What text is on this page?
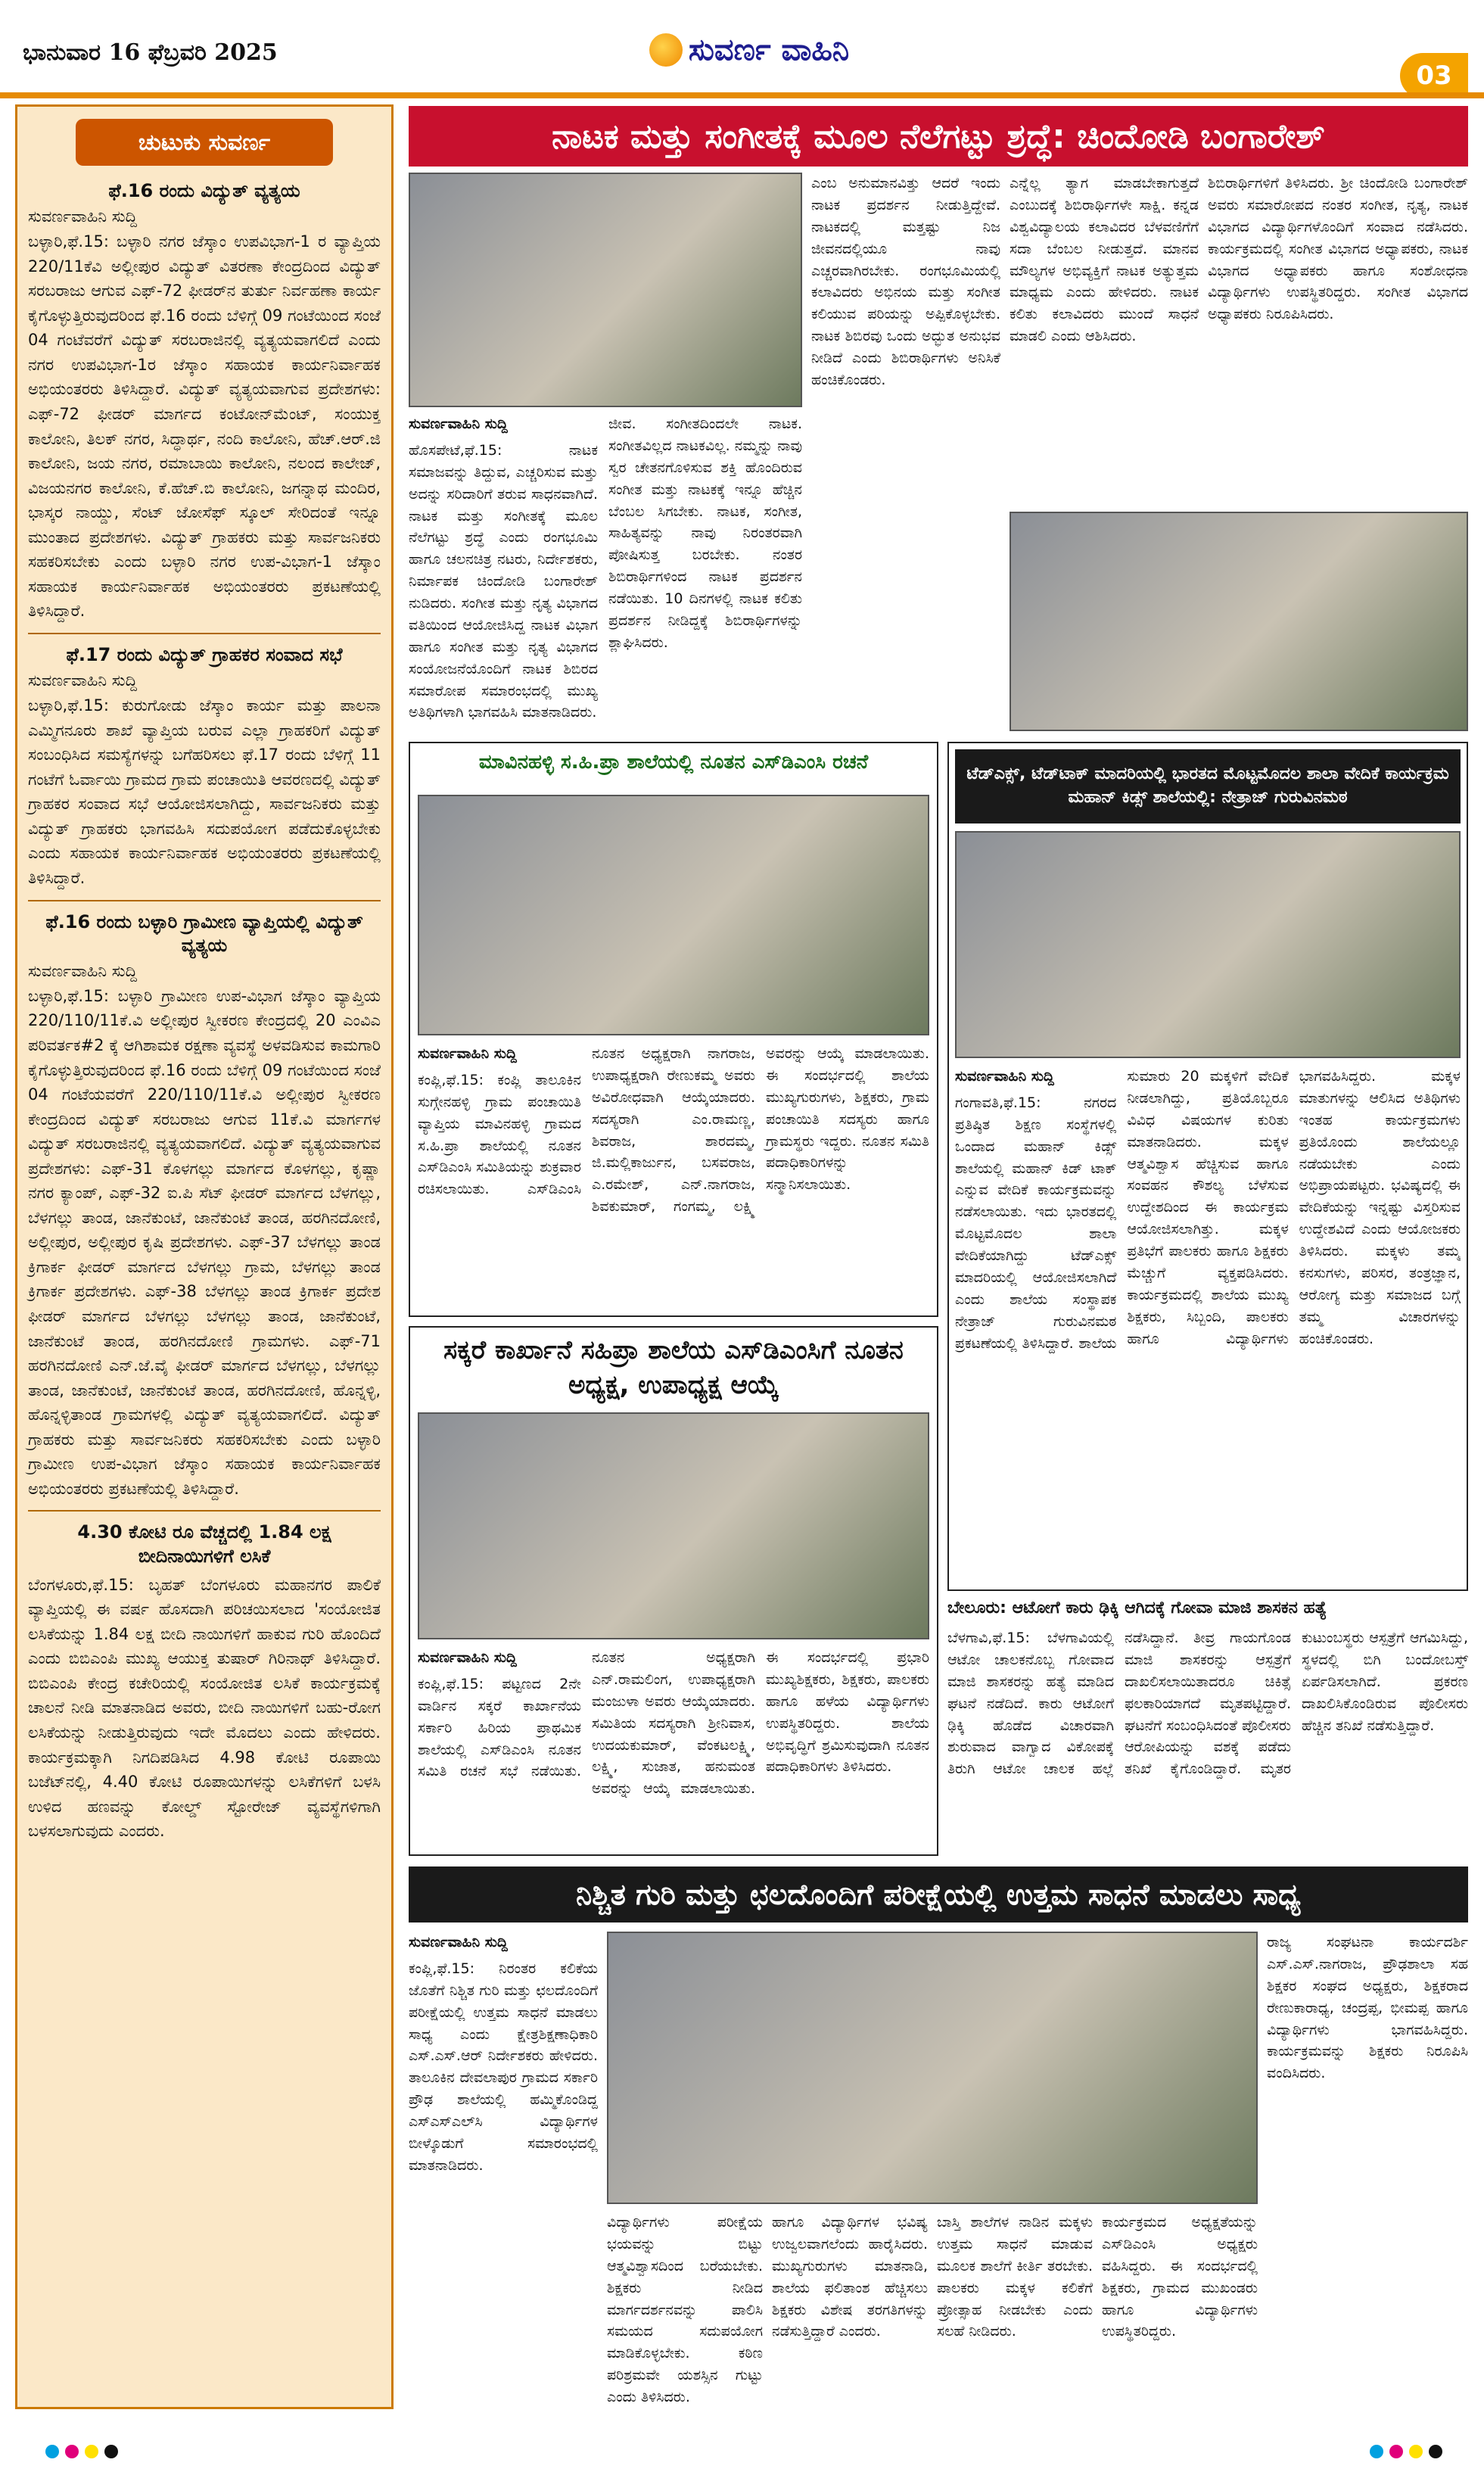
ಭಾನುವಾರ 16 ಫೆಬ್ರವರಿ 2025	ಸುವರ್ಣ ವಾಹಿನಿ
03
ಚುಟುಕು ಸುವರ್ಣ
ಫೆ.16 ರಂದು ವಿದ್ಯುತ್ ವ್ಯತ್ಯಯ
ಸುವರ್ಣವಾಹಿನಿ ಸುದ್ದಿ

ಬಳ್ಳಾರಿ,ಫೆ.15: ಬಳ್ಳಾರಿ ನಗರ ಜೆಸ್ಕಾಂ ಉಪವಿಭಾಗ-1 ರ ವ್ಯಾಪ್ತಿಯ 220/11ಕೆವಿ ಅಲ್ಲೀಪುರ ವಿದ್ಯುತ್ ವಿತರಣಾ ಕೇಂದ್ರದಿಂದ ವಿದ್ಯುತ್ ಸರಬರಾಜು ಆಗುವ ಎಫ್-72 ಫೀಡರ್‌ನ ತುರ್ತು ನಿರ್ವಹಣಾ ಕಾರ್ಯ ಕೈಗೊಳ್ಳುತ್ತಿರುವುದರಿಂದ ಫೆ.16 ರಂದು ಬೆಳಿಗ್ಗೆ 09 ಗಂಟೆಯಿಂದ ಸಂಜೆ 04 ಗಂಟೆವರೆಗೆ ವಿದ್ಯುತ್ ಸರಬರಾಜಿನಲ್ಲಿ ವ್ಯತ್ಯಯವಾಗಲಿದೆ ಎಂದು ನಗರ ಉಪವಿಭಾಗ-1ರ ಜೆಸ್ಕಾಂ ಸಹಾಯಕ ಕಾರ್ಯನಿರ್ವಾಹಕ ಅಭಿಯಂತರರು ತಿಳಿಸಿದ್ದಾರೆ. ವಿದ್ಯುತ್ ವ್ಯತ್ಯಯವಾಗುವ ಪ್ರದೇಶಗಳು: ಎಫ್-72 ಫೀಡರ್ ಮಾರ್ಗದ ಕಂಟೋನ್‌ಮೆಂಟ್, ಸಂಯುಕ್ತ ಕಾಲೋನಿ, ತಿಲಕ್ ನಗರ, ಸಿದ್ಧಾರ್ಥ, ನಂದಿ ಕಾಲೋನಿ, ಹೆಚ್.ಆರ್.ಜಿ ಕಾಲೋನಿ, ಜಯ ನಗರ, ರಮಾಬಾಯಿ ಕಾಲೋನಿ, ನಲಂದ ಕಾಲೇಜ್, ವಿಜಯನಗರ ಕಾಲೋನಿ, ಕೆ.ಹೆಚ್.ಬಿ ಕಾಲೋನಿ, ಜಗನ್ನಾಥ ಮಂದಿರ, ಭಾಸ್ಕರ ನಾಯ್ಡು, ಸೆಂಟ್ ಜೋಸೆಫ್ ಸ್ಕೂಲ್ ಸೇರಿದಂತೆ ಇನ್ನೂ ಮುಂತಾದ ಪ್ರದೇಶಗಳು. ವಿದ್ಯುತ್ ಗ್ರಾಹಕರು ಮತ್ತು ಸಾರ್ವಜನಿಕರು ಸಹಕರಿಸಬೇಕು ಎಂದು ಬಳ್ಳಾರಿ ನಗರ ಉಪ-ವಿಭಾಗ-1 ಜೆಸ್ಕಾಂ ಸಹಾಯಕ ಕಾರ್ಯನಿರ್ವಾಹಕ ಅಭಿಯಂತರರು ಪ್ರಕಟಣೆಯಲ್ಲಿ ತಿಳಿಸಿದ್ದಾರೆ.

ಫೆ.17 ರಂದು ವಿದ್ಯುತ್ ಗ್ರಾಹಕರ ಸಂವಾದ ಸಭೆ
ಸುವರ್ಣವಾಹಿನಿ ಸುದ್ದಿ

ಬಳ್ಳಾರಿ,ಫೆ.15: ಕುರುಗೋಡು ಜೆಸ್ಕಾಂ ಕಾರ್ಯ ಮತ್ತು ಪಾಲನಾ ಎಮ್ಮಿಗನೂರು ಶಾಖೆ ವ್ಯಾಪ್ತಿಯ ಬರುವ ಎಲ್ಲಾ ಗ್ರಾಹಕರಿಗೆ ವಿದ್ಯುತ್ ಸಂಬಂಧಿಸಿದ ಸಮಸ್ಯೆಗಳನ್ನು ಬಗೆಹರಿಸಲು ಫೆ.17 ರಂದು ಬೆಳಿಗ್ಗೆ 11 ಗಂಟೆಗೆ ಓರ್ವಾಯಿ ಗ್ರಾಮದ ಗ್ರಾಮ ಪಂಚಾಯಿತಿ ಆವರಣದಲ್ಲಿ ವಿದ್ಯುತ್ ಗ್ರಾಹಕರ ಸಂವಾದ ಸಭೆ ಆಯೋಜಿಸಲಾಗಿದ್ದು, ಸಾರ್ವಜನಿಕರು ಮತ್ತು ವಿದ್ಯುತ್ ಗ್ರಾಹಕರು ಭಾಗವಹಿಸಿ ಸದುಪಯೋಗ ಪಡೆದುಕೊಳ್ಳಬೇಕು ಎಂದು ಸಹಾಯಕ ಕಾರ್ಯನಿರ್ವಾಹಕ ಅಭಿಯಂತರರು ಪ್ರಕಟಣೆಯಲ್ಲಿ ತಿಳಿಸಿದ್ದಾರೆ.

ಫೆ.16 ರಂದು ಬಳ್ಳಾರಿ ಗ್ರಾಮೀಣ ವ್ಯಾಪ್ತಿಯಲ್ಲಿ ವಿದ್ಯುತ್ ವ್ಯತ್ಯಯ
ಸುವರ್ಣವಾಹಿನಿ ಸುದ್ದಿ

ಬಳ್ಳಾರಿ,ಫೆ.15: ಬಳ್ಳಾರಿ ಗ್ರಾಮೀಣ ಉಪ-ವಿಭಾಗ ಜೆಸ್ಕಾಂ ವ್ಯಾಪ್ತಿಯ 220/110/11ಕೆ.ವಿ ಅಲ್ಲೀಪುರ ಸ್ವೀಕರಣ ಕೇಂದ್ರದಲ್ಲಿ 20 ಎಂವಿಎ ಪರಿವರ್ತಕ#2 ಕ್ಕೆ ಆಗಿಶಾಮಕ ರಕ್ಷಣಾ ವ್ಯವಸ್ಥೆ ಅಳವಡಿಸುವ ಕಾಮಗಾರಿ ಕೈಗೊಳ್ಳುತ್ತಿರುವುದರಿಂದ ಫೆ.16 ರಂದು ಬೆಳಿಗ್ಗೆ 09 ಗಂಟೆಯಿಂದ ಸಂಜೆ 04 ಗಂಟೆಯವರೆಗೆ 220/110/11ಕೆ.ವಿ ಅಲ್ಲೀಪುರ ಸ್ವೀಕರಣ ಕೇಂದ್ರದಿಂದ ವಿದ್ಯುತ್ ಸರಬರಾಜು ಆಗುವ 11ಕೆ.ವಿ ಮಾರ್ಗಗಳ ವಿದ್ಯುತ್ ಸರಬರಾಜಿನಲ್ಲಿ ವ್ಯತ್ಯಯವಾಗಲಿದೆ. ವಿದ್ಯುತ್ ವ್ಯತ್ಯಯವಾಗುವ ಪ್ರದೇಶಗಳು: ಎಫ್-31 ಕೊಳಗಲ್ಲು ಮಾರ್ಗದ ಕೊಳಗಲ್ಲು, ಕೃಷ್ಣಾ ನಗರ ಕ್ಯಾಂಪ್, ಎಫ್-32 ಐ.ಪಿ ಸೆಟ್ ಫೀಡರ್ ಮಾರ್ಗದ ಬೆಳಗಲ್ಲು, ಬೆಳಗಲ್ಲು ತಾಂಡ, ಜಾನೆಕುಂಟೆ, ಜಾನೆಕುಂಟೆ ತಾಂಡ, ಹರಗಿನದೋಣಿ, ಅಲ್ಲೀಪುರ, ಅಲ್ಲೀಪುರ ಕೃಷಿ ಪ್ರದೇಶಗಳು. ಎಫ್-37 ಬೆಳಗಲ್ಲು ತಾಂಡ ಕ್ರಿಗಾರ್ಕ ಫೀಡರ್ ಮಾರ್ಗದ ಬೆಳಗಲ್ಲು ಗ್ರಾಮ, ಬೆಳಗಲ್ಲು ತಾಂಡ ಕ್ರಿಗಾರ್ಕ ಪ್ರದೇಶಗಳು. ಎಫ್-38 ಬೆಳಗಲ್ಲು ತಾಂಡ ಕ್ರಿಗಾರ್ಕ ಪ್ರದೇಶ ಫೀಡರ್ ಮಾರ್ಗದ ಬೆಳಗಲ್ಲು ಬೆಳಗಲ್ಲು ತಾಂಡ, ಜಾನೆಕುಂಟೆ, ಜಾನೆಕುಂಟೆ ತಾಂಡ, ಹರಗಿನದೋಣಿ ಗ್ರಾಮಗಳು. ಎಫ್-71 ಹರಗಿನದೋಣಿ ಎನ್.ಜೆ.ವೈ ಫೀಡರ್ ಮಾರ್ಗದ ಬೆಳಗಲ್ಲು, ಬೆಳಗಲ್ಲು ತಾಂಡ, ಜಾನೆಕುಂಟೆ, ಜಾನೆಕುಂಟೆ ತಾಂಡ, ಹರಗಿನದೋಣಿ, ಹೊನ್ನಳ್ಳಿ, ಹೊನ್ನಳ್ಳಿತಾಂಡ ಗ್ರಾಮಗಳಲ್ಲಿ ವಿದ್ಯುತ್ ವ್ಯತ್ಯಯವಾಗಲಿದೆ. ವಿದ್ಯುತ್ ಗ್ರಾಹಕರು ಮತ್ತು ಸಾರ್ವಜನಿಕರು ಸಹಕರಿಸಬೇಕು ಎಂದು ಬಳ್ಳಾರಿ ಗ್ರಾಮೀಣ ಉಪ-ವಿಭಾಗ ಜೆಸ್ಕಾಂ ಸಹಾಯಕ ಕಾರ್ಯನಿರ್ವಾಹಕ ಅಭಿಯಂತರರು ಪ್ರಕಟಣೆಯಲ್ಲಿ ತಿಳಿಸಿದ್ದಾರೆ.

4.30 ಕೋಟಿ ರೂ ವೆಚ್ಚದಲ್ಲಿ 1.84 ಲಕ್ಷ ಬೀದಿನಾಯಿಗಳಿಗೆ ಲಸಿಕೆ

ಬೆಂಗಳೂರು,ಫೆ.15: ಬೃಹತ್ ಬೆಂಗಳೂರು ಮಹಾನಗರ ಪಾಲಿಕೆ ವ್ಯಾಪ್ತಿಯಲ್ಲಿ ಈ ವರ್ಷ ಹೊಸದಾಗಿ ಪರಿಚಯಿಸಲಾದ 'ಸಂಯೋಜಿತ ಲಸಿಕೆಯನ್ನು 1.84 ಲಕ್ಷ ಬೀದಿ ನಾಯಿಗಳಿಗೆ ಹಾಕುವ ಗುರಿ ಹೊಂದಿದೆ ಎಂದು ಬಿಬಿಎಂಪಿ ಮುಖ್ಯ ಆಯುಕ್ತ ತುಷಾರ್ ಗಿರಿನಾಥ್ ತಿಳಿಸಿದ್ದಾರೆ. ಬಿಬಿಎಂಪಿ ಕೇಂದ್ರ ಕಚೇರಿಯಲ್ಲಿ ಸಂಯೋಜಿತ ಲಸಿಕೆ ಕಾರ್ಯಕ್ರಮಕ್ಕೆ ಚಾಲನೆ ನೀಡಿ ಮಾತನಾಡಿದ ಅವರು, ಬೀದಿ ನಾಯಿಗಳಿಗೆ ಬಹು-ರೋಗ ಲಸಿಕೆಯನ್ನು ನೀಡುತ್ತಿರುವುದು ಇದೇ ಮೊದಲು ಎಂದು ಹೇಳಿದರು. ಕಾರ್ಯಕ್ರಮಕ್ಕಾಗಿ ನಿಗದಿಪಡಿಸಿದ 4.98 ಕೋಟಿ ರೂಪಾಯಿ ಬಜೆಟ್‌ನಲ್ಲಿ, 4.40 ಕೋಟಿ ರೂಪಾಯಿಗಳನ್ನು ಲಸಿಕೆಗಳಿಗೆ ಬಳಸಿ ಉಳಿದ ಹಣವನ್ನು ಕೋಲ್ಡ್ ಸ್ಟೋರೇಜ್ ವ್ಯವಸ್ಥೆಗಳಿಗಾಗಿ ಬಳಸಲಾಗುವುದು ಎಂದರು.

ನಾಟಕ ಮತ್ತು ಸಂಗೀತಕ್ಕೆ ಮೂಲ ನೆಲೆಗಟ್ಟು ಶ್ರದ್ಧೆ: ಚಿಂದೋಡಿ ಬಂಗಾರೇಶ್

ಸುವರ್ಣವಾಹಿನಿ ಸುದ್ದಿ

ಹೊಸಪೇಟೆ,ಫೆ.15: ನಾಟಕ ಸಮಾಜವನ್ನು ತಿದ್ದುವ, ಎಚ್ಚರಿಸುವ ಮತ್ತು ಅದನ್ನು ಸರಿದಾರಿಗೆ ತರುವ ಸಾಧನವಾಗಿದೆ. ನಾಟಕ ಮತ್ತು ಸಂಗೀತಕ್ಕೆ ಮೂಲ ನೆಲೆಗಟ್ಟು ಶ್ರದ್ಧೆ ಎಂದು ರಂಗಭೂಮಿ ಹಾಗೂ ಚಲನಚಿತ್ರ ನಟರು, ನಿರ್ದೇಶಕರು, ನಿರ್ಮಾಪಕ ಚಿಂದೋಡಿ ಬಂಗಾರೇಶ್ ನುಡಿದರು. ಸಂಗೀತ ಮತ್ತು ನೃತ್ಯ ವಿಭಾಗದ ವತಿಯಿಂದ ಆಯೋಜಿಸಿದ್ದ ನಾಟಕ ವಿಭಾಗ ಹಾಗೂ ಸಂಗೀತ ಮತ್ತು ನೃತ್ಯ ವಿಭಾಗದ ಸಂಯೋಜನೆಯೊಂದಿಗೆ ನಾಟಕ ಶಿಬಿರದ ಸಮಾರೋಪ ಸಮಾರಂಭದಲ್ಲಿ ಮುಖ್ಯ ಅತಿಥಿಗಳಾಗಿ ಭಾಗವಹಿಸಿ ಮಾತನಾಡಿದರು.

ಜೀವ. ಸಂಗೀತದಿಂದಲೇ ನಾಟಕ. ಸಂಗೀತವಿಲ್ಲದ ನಾಟಕವಿಲ್ಲ. ನಮ್ಮನ್ನು ನಾವು ಸ್ವರ ಚೇತನಗೊಳಿಸುವ ಶಕ್ತಿ ಹೊಂದಿರುವ ಸಂಗೀತ ಮತ್ತು ನಾಟಕಕ್ಕೆ ಇನ್ನೂ ಹೆಚ್ಚಿನ ಬೆಂಬಲ ಸಿಗಬೇಕು. ನಾಟಕ, ಸಂಗೀತ, ಸಾಹಿತ್ಯವನ್ನು ನಾವು ನಿರಂತರವಾಗಿ ಪೋಷಿಸುತ್ತ ಬರಬೇಕು. ನಂತರ ಶಿಬಿರಾರ್ಥಿಗಳಿಂದ ನಾಟಕ ಪ್ರದರ್ಶನ ನಡೆಯಿತು. 10 ದಿನಗಳಲ್ಲಿ ನಾಟಕ ಕಲಿತು ಪ್ರದರ್ಶನ ನೀಡಿದ್ದಕ್ಕೆ ಶಿಬಿರಾರ್ಥಿಗಳನ್ನು ಶ್ಲಾಘಿಸಿದರು.

ಎಂಬ ಅನುಮಾನವಿತ್ತು ಆದರೆ ಇಂದು ನಾಟಕ ಪ್ರದರ್ಶನ ನೀಡುತ್ತಿದ್ದೇವೆ. ನಾಟಕದಲ್ಲಿ ಮತ್ತಷ್ಟು ನಿಜ ಜೀವನದಲ್ಲಿಯೂ ನಾವು ಎಚ್ಚರವಾಗಿರಬೇಕು. ರಂಗಭೂಮಿಯಲ್ಲಿ ಕಲಾವಿದರು ಅಭಿನಯ ಮತ್ತು ಸಂಗೀತ ಕಲಿಯುವ ಪರಿಯನ್ನು ಅಪ್ಪಿಕೊಳ್ಳಬೇಕು. ನಾಟಕ ಶಿಬಿರವು ಒಂದು ಅದ್ಭುತ ಅನುಭವ ನೀಡಿದೆ ಎಂದು ಶಿಬಿರಾರ್ಥಿಗಳು ಅನಿಸಿಕೆ ಹಂಚಿಕೊಂಡರು.

ಎನ್ನೆಲ್ಲ ತ್ಯಾಗ ಮಾಡಬೇಕಾಗುತ್ತದೆ ಎಂಬುದಕ್ಕೆ ಶಿಬಿರಾರ್ಥಿಗಳೇ ಸಾಕ್ಷಿ. ಕನ್ನಡ ವಿಶ್ವವಿದ್ಯಾಲಯ ಕಲಾವಿದರ ಬೆಳವಣಿಗೆಗೆ ಸದಾ ಬೆಂಬಲ ನೀಡುತ್ತದೆ. ಮಾನವ ಮೌಲ್ಯಗಳ ಅಭಿವ್ಯಕ್ತಿಗೆ ನಾಟಕ ಅತ್ಯುತ್ತಮ ಮಾಧ್ಯಮ ಎಂದು ಹೇಳಿದರು. ನಾಟಕ ಕಲಿತು ಕಲಾವಿದರು ಮುಂದೆ ಸಾಧನೆ ಮಾಡಲಿ ಎಂದು ಆಶಿಸಿದರು.

ಶಿಬಿರಾರ್ಥಿಗಳಿಗೆ ತಿಳಿಸಿದರು. ಶ್ರೀ ಚಿಂದೋಡಿ ಬಂಗಾರೇಶ್ ಅವರು ಸಮಾರೋಪದ ನಂತರ ಸಂಗೀತ, ನೃತ್ಯ, ನಾಟಕ ವಿಭಾಗದ ವಿದ್ಯಾರ್ಥಿಗಳೊಂದಿಗೆ ಸಂವಾದ ನಡೆಸಿದರು. ಕಾರ್ಯಕ್ರಮದಲ್ಲಿ ಸಂಗೀತ ವಿಭಾಗದ ಅಧ್ಯಾಪಕರು, ನಾಟಕ ವಿಭಾಗದ ಅಧ್ಯಾಪಕರು ಹಾಗೂ ಸಂಶೋಧನಾ ವಿದ್ಯಾರ್ಥಿಗಳು ಉಪಸ್ಥಿತರಿದ್ದರು. ಸಂಗೀತ ವಿಭಾಗದ ಅಧ್ಯಾಪಕರು ನಿರೂಪಿಸಿದರು.

ಮಾವಿನಹಳ್ಳಿ ಸ.ಹಿ.ಪ್ರಾ ಶಾಲೆಯಲ್ಲಿ ನೂತನ ಎಸ್‌ಡಿಎಂಸಿ ರಚನೆ

ಸುವರ್ಣವಾಹಿನಿ ಸುದ್ದಿ

ಕಂಪ್ಲಿ,ಫೆ.15: ಕಂಪ್ಲಿ ತಾಲೂಕಿನ ಸುಗ್ಗೇನಹಳ್ಳಿ ಗ್ರಾಮ ಪಂಚಾಯಿತಿ ವ್ಯಾಪ್ತಿಯ ಮಾವಿನಹಳ್ಳಿ ಗ್ರಾಮದ ಸ.ಹಿ.ಪ್ರಾ ಶಾಲೆಯಲ್ಲಿ ನೂತನ ಎಸ್‌ಡಿಎಂಸಿ ಸಮಿತಿಯನ್ನು ಶುಕ್ರವಾರ ರಚಿಸಲಾಯಿತು. ಎಸ್‌ಡಿಎಂಸಿ ನೂತನ ಅಧ್ಯಕ್ಷರಾಗಿ ನಾಗರಾಜ, ಉಪಾಧ್ಯಕ್ಷರಾಗಿ ರೇಣುಕಮ್ಮ ಅವರು ಅವಿರೋಧವಾಗಿ ಆಯ್ಕೆಯಾದರು. ಸದಸ್ಯರಾಗಿ ಎಂ.ರಾಮಣ್ಣ, ಶಿವರಾಜ, ಶಾರದಮ್ಮ, ಜಿ.ಮಲ್ಲಿಕಾರ್ಜುನ, ಬಸವರಾಜ, ಎ.ರಮೇಶ್, ಎನ್.ನಾಗರಾಜ, ಶಿವಕುಮಾರ್, ಗಂಗಮ್ಮ, ಲಕ್ಷ್ಮಿ ಅವರನ್ನು ಆಯ್ಕೆ ಮಾಡಲಾಯಿತು. ಈ ಸಂದರ್ಭದಲ್ಲಿ ಶಾಲೆಯ ಮುಖ್ಯಗುರುಗಳು, ಶಿಕ್ಷಕರು, ಗ್ರಾಮ ಪಂಚಾಯಿತಿ ಸದಸ್ಯರು ಹಾಗೂ ಗ್ರಾಮಸ್ಥರು ಇದ್ದರು. ನೂತನ ಸಮಿತಿ ಪದಾಧಿಕಾರಿಗಳನ್ನು ಸನ್ಮಾನಿಸಲಾಯಿತು.

ಟೆಡ್‌ಎಕ್ಸ್, ಟೆಡ್‌ಟಾಕ್ ಮಾದರಿಯಲ್ಲಿ ಭಾರತದ ಮೊಟ್ಟಮೊದಲ ಶಾಲಾ ವೇದಿಕೆ ಕಾರ್ಯಕ್ರಮ ಮಹಾನ್ ಕಿಡ್ಸ್ ಶಾಲೆಯಲ್ಲಿ: ನೇತ್ರಾಜ್ ಗುರುವಿನಮಠ

ಸುವರ್ಣವಾಹಿನಿ ಸುದ್ದಿ

ಗಂಗಾವತಿ,ಫೆ.15: ನಗರದ ಪ್ರತಿಷ್ಠಿತ ಶಿಕ್ಷಣ ಸಂಸ್ಥೆಗಳಲ್ಲಿ ಒಂದಾದ ಮಹಾನ್ ಕಿಡ್ಸ್ ಶಾಲೆಯಲ್ಲಿ ಮಹಾನ್ ಕಿಡ್ ಟಾಕ್ ಎನ್ನುವ ವೇದಿಕೆ ಕಾರ್ಯಕ್ರಮವನ್ನು ನಡೆಸಲಾಯಿತು. ಇದು ಭಾರತದಲ್ಲಿ ಮೊಟ್ಟಮೊದಲ ಶಾಲಾ ವೇದಿಕೆಯಾಗಿದ್ದು ಟೆಡ್‌ಎಕ್ಸ್ ಮಾದರಿಯಲ್ಲಿ ಆಯೋಜಿಸಲಾಗಿದೆ ಎಂದು ಶಾಲೆಯ ಸಂಸ್ಥಾಪಕ ನೇತ್ರಾಜ್ ಗುರುವಿನಮಠ ಪ್ರಕಟಣೆಯಲ್ಲಿ ತಿಳಿಸಿದ್ದಾರೆ. ಶಾಲೆಯ ಸುಮಾರು 20 ಮಕ್ಕಳಿಗೆ ವೇದಿಕೆ ನೀಡಲಾಗಿದ್ದು, ಪ್ರತಿಯೊಬ್ಬರೂ ವಿವಿಧ ವಿಷಯಗಳ ಕುರಿತು ಮಾತನಾಡಿದರು. ಮಕ್ಕಳ ಆತ್ಮವಿಶ್ವಾಸ ಹೆಚ್ಚಿಸುವ ಹಾಗೂ ಸಂವಹನ ಕೌಶಲ್ಯ ಬೆಳೆಸುವ ಉದ್ದೇಶದಿಂದ ಈ ಕಾರ್ಯಕ್ರಮ ಆಯೋಜಿಸಲಾಗಿತ್ತು. ಮಕ್ಕಳ ಪ್ರತಿಭೆಗೆ ಪಾಲಕರು ಹಾಗೂ ಶಿಕ್ಷಕರು ಮೆಚ್ಚುಗೆ ವ್ಯಕ್ತಪಡಿಸಿದರು. ಕಾರ್ಯಕ್ರಮದಲ್ಲಿ ಶಾಲೆಯ ಮುಖ್ಯ ಶಿಕ್ಷಕರು, ಸಿಬ್ಬಂದಿ, ಪಾಲಕರು ಹಾಗೂ ವಿದ್ಯಾರ್ಥಿಗಳು ಭಾಗವಹಿಸಿದ್ದರು. ಮಕ್ಕಳ ಮಾತುಗಳನ್ನು ಆಲಿಸಿದ ಅತಿಥಿಗಳು ಇಂತಹ ಕಾರ್ಯಕ್ರಮಗಳು ಪ್ರತಿಯೊಂದು ಶಾಲೆಯಲ್ಲೂ ನಡೆಯಬೇಕು ಎಂದು ಅಭಿಪ್ರಾಯಪಟ್ಟರು. ಭವಿಷ್ಯದಲ್ಲಿ ಈ ವೇದಿಕೆಯನ್ನು ಇನ್ನಷ್ಟು ವಿಸ್ತರಿಸುವ ಉದ್ದೇಶವಿದೆ ಎಂದು ಆಯೋಜಕರು ತಿಳಿಸಿದರು. ಮಕ್ಕಳು ತಮ್ಮ ಕನಸುಗಳು, ಪರಿಸರ, ತಂತ್ರಜ್ಞಾನ, ಆರೋಗ್ಯ ಮತ್ತು ಸಮಾಜದ ಬಗ್ಗೆ ತಮ್ಮ ವಿಚಾರಗಳನ್ನು ಹಂಚಿಕೊಂಡರು.

ಸಕ್ಕರೆ ಕಾರ್ಖಾನೆ ಸಹಿಪ್ರಾ ಶಾಲೆಯ ಎಸ್‌ಡಿಎಂಸಿಗೆ ನೂತನ ಅಧ್ಯಕ್ಷ, ಉಪಾಧ್ಯಕ್ಷ ಆಯ್ಕೆ

ಸುವರ್ಣವಾಹಿನಿ ಸುದ್ದಿ

ಕಂಪ್ಲಿ,ಫೆ.15: ಪಟ್ಟಣದ 2ನೇ ವಾರ್ಡಿನ ಸಕ್ಕರೆ ಕಾರ್ಖಾನೆಯ ಸರ್ಕಾರಿ ಹಿರಿಯ ಪ್ರಾಥಮಿಕ ಶಾಲೆಯಲ್ಲಿ ಎಸ್‌ಡಿಎಂಸಿ ನೂತನ ಸಮಿತಿ ರಚನೆ ಸಭೆ ನಡೆಯಿತು. ನೂತನ ಅಧ್ಯಕ್ಷರಾಗಿ ಎನ್.ರಾಮಲಿಂಗ, ಉಪಾಧ್ಯಕ್ಷರಾಗಿ ಮಂಜುಳಾ ಅವರು ಆಯ್ಕೆಯಾದರು. ಸಮಿತಿಯ ಸದಸ್ಯರಾಗಿ ಶ್ರೀನಿವಾಸ, ಉದಯಕುಮಾರ್, ವೆಂಕಟಲಕ್ಷ್ಮಿ, ಲಕ್ಷ್ಮಿ, ಸುಜಾತ, ಹನುಮಂತ ಅವರನ್ನು ಆಯ್ಕೆ ಮಾಡಲಾಯಿತು. ಈ ಸಂದರ್ಭದಲ್ಲಿ ಪ್ರಭಾರಿ ಮುಖ್ಯಶಿಕ್ಷಕರು, ಶಿಕ್ಷಕರು, ಪಾಲಕರು ಹಾಗೂ ಹಳೆಯ ವಿದ್ಯಾರ್ಥಿಗಳು ಉಪಸ್ಥಿತರಿದ್ದರು. ಶಾಲೆಯ ಅಭಿವೃದ್ಧಿಗೆ ಶ್ರಮಿಸುವುದಾಗಿ ನೂತನ ಪದಾಧಿಕಾರಿಗಳು ತಿಳಿಸಿದರು.

ಬೇಲೂರು: ಆಟೋಗೆ ಕಾರು ಢಿಕ್ಕಿ ಆಗಿದಕ್ಕೆ ಗೋವಾ ಮಾಜಿ ಶಾಸಕನ ಹತ್ಯೆ

ಬೆಳಗಾವಿ,ಫೆ.15: ಬೆಳಗಾವಿಯಲ್ಲಿ ಆಟೋ ಚಾಲಕನೊಬ್ಬ ಗೋವಾದ ಮಾಜಿ ಶಾಸಕರನ್ನು ಹತ್ಯೆ ಮಾಡಿದ ಘಟನೆ ನಡೆದಿದೆ. ಕಾರು ಆಟೋಗೆ ಢಿಕ್ಕಿ ಹೊಡೆದ ವಿಚಾರವಾಗಿ ಶುರುವಾದ ವಾಗ್ವಾದ ವಿಕೋಪಕ್ಕೆ ತಿರುಗಿ ಆಟೋ ಚಾಲಕ ಹಲ್ಲೆ ನಡೆಸಿದ್ದಾನೆ. ತೀವ್ರ ಗಾಯಗೊಂಡ ಮಾಜಿ ಶಾಸಕರನ್ನು ಆಸ್ಪತ್ರೆಗೆ ದಾಖಲಿಸಲಾಯಿತಾದರೂ ಚಿಕಿತ್ಸೆ ಫಲಕಾರಿಯಾಗದೆ ಮೃತಪಟ್ಟಿದ್ದಾರೆ. ಘಟನೆಗೆ ಸಂಬಂಧಿಸಿದಂತೆ ಪೊಲೀಸರು ಆರೋಪಿಯನ್ನು ವಶಕ್ಕೆ ಪಡೆದು ತನಿಖೆ ಕೈಗೊಂಡಿದ್ದಾರೆ. ಮೃತರ ಕುಟುಂಬಸ್ಥರು ಆಸ್ಪತ್ರೆಗೆ ಆಗಮಿಸಿದ್ದು, ಸ್ಥಳದಲ್ಲಿ ಬಿಗಿ ಬಂದೋಬಸ್ತ್ ಏರ್ಪಡಿಸಲಾಗಿದೆ. ಪ್ರಕರಣ ದಾಖಲಿಸಿಕೊಂಡಿರುವ ಪೊಲೀಸರು ಹೆಚ್ಚಿನ ತನಿಖೆ ನಡೆಸುತ್ತಿದ್ದಾರೆ.

ನಿಶ್ಚಿತ ಗುರಿ ಮತ್ತು ಛಲದೊಂದಿಗೆ ಪರೀಕ್ಷೆಯಲ್ಲಿ ಉತ್ತಮ ಸಾಧನೆ ಮಾಡಲು ಸಾಧ್ಯ

ಸುವರ್ಣವಾಹಿನಿ ಸುದ್ದಿ

ಕಂಪ್ಲಿ,ಫೆ.15: ನಿರಂತರ ಕಲಿಕೆಯ ಜೊತೆಗೆ ನಿಶ್ಚಿತ ಗುರಿ ಮತ್ತು ಛಲದೊಂದಿಗೆ ಪರೀಕ್ಷೆಯಲ್ಲಿ ಉತ್ತಮ ಸಾಧನೆ ಮಾಡಲು ಸಾಧ್ಯ ಎಂದು ಕ್ಷೇತ್ರಶಿಕ್ಷಣಾಧಿಕಾರಿ ಎಸ್.ಎಸ್.ಆರ್ ನಿರ್ದೇಶಕರು ಹೇಳಿದರು. ತಾಲೂಕಿನ ದೇವಲಾಪುರ ಗ್ರಾಮದ ಸರ್ಕಾರಿ ಪ್ರೌಢ ಶಾಲೆಯಲ್ಲಿ ಹಮ್ಮಿಕೊಂಡಿದ್ದ ಎಸ್‌ಎಸ್‌ಎಲ್‌ಸಿ ವಿದ್ಯಾರ್ಥಿಗಳ ಬೀಳ್ಕೊಡುಗೆ ಸಮಾರಂಭದಲ್ಲಿ ಮಾತನಾಡಿದರು.

ವಿದ್ಯಾರ್ಥಿಗಳು ಪರೀಕ್ಷೆಯ ಭಯವನ್ನು ಬಿಟ್ಟು ಆತ್ಮವಿಶ್ವಾಸದಿಂದ ಬರೆಯಬೇಕು. ಶಿಕ್ಷಕರು ನೀಡಿದ ಮಾರ್ಗದರ್ಶನವನ್ನು ಪಾಲಿಸಿ ಸಮಯದ ಸದುಪಯೋಗ ಮಾಡಿಕೊಳ್ಳಬೇಕು. ಕಠಿಣ ಪರಿಶ್ರಮವೇ ಯಶಸ್ಸಿನ ಗುಟ್ಟು ಎಂದು ತಿಳಿಸಿದರು.

ಹಾಗೂ ವಿದ್ಯಾರ್ಥಿಗಳ ಭವಿಷ್ಯ ಉಜ್ವಲವಾಗಲೆಂದು ಹಾರೈಸಿದರು. ಮುಖ್ಯಗುರುಗಳು ಮಾತನಾಡಿ, ಶಾಲೆಯ ಫಲಿತಾಂಶ ಹೆಚ್ಚಿಸಲು ಶಿಕ್ಷಕರು ವಿಶೇಷ ತರಗತಿಗಳನ್ನು ನಡೆಸುತ್ತಿದ್ದಾರೆ ಎಂದರು.

ಬಾಸ್ತಿ ಶಾಲೆಗಳ ನಾಡಿನ ಮಕ್ಕಳು ಉತ್ತಮ ಸಾಧನೆ ಮಾಡುವ ಮೂಲಕ ಶಾಲೆಗೆ ಕೀರ್ತಿ ತರಬೇಕು. ಪಾಲಕರು ಮಕ್ಕಳ ಕಲಿಕೆಗೆ ಪ್ರೋತ್ಸಾಹ ನೀಡಬೇಕು ಎಂದು ಸಲಹೆ ನೀಡಿದರು.

ಕಾರ್ಯಕ್ರಮದ ಅಧ್ಯಕ್ಷತೆಯನ್ನು ಎಸ್‌ಡಿಎಂಸಿ ಅಧ್ಯಕ್ಷರು ವಹಿಸಿದ್ದರು. ಈ ಸಂದರ್ಭದಲ್ಲಿ ಶಿಕ್ಷಕರು, ಗ್ರಾಮದ ಮುಖಂಡರು ಹಾಗೂ ವಿದ್ಯಾರ್ಥಿಗಳು ಉಪಸ್ಥಿತರಿದ್ದರು.

ರಾಜ್ಯ ಸಂಘಟನಾ ಕಾರ್ಯದರ್ಶಿ ಎಸ್.ಎಸ್.ನಾಗರಾಜ, ಪ್ರೌಢಶಾಲಾ ಸಹ ಶಿಕ್ಷಕರ ಸಂಘದ ಅಧ್ಯಕ್ಷರು, ಶಿಕ್ಷಕರಾದ ರೇಣುಕಾರಾಧ್ಯ, ಚಂದ್ರಪ್ಪ, ಭೀಮಪ್ಪ ಹಾಗೂ ವಿದ್ಯಾರ್ಥಿಗಳು ಭಾಗವಹಿಸಿದ್ದರು. ಕಾರ್ಯಕ್ರಮವನ್ನು ಶಿಕ್ಷಕರು ನಿರೂಪಿಸಿ ವಂದಿಸಿದರು.
